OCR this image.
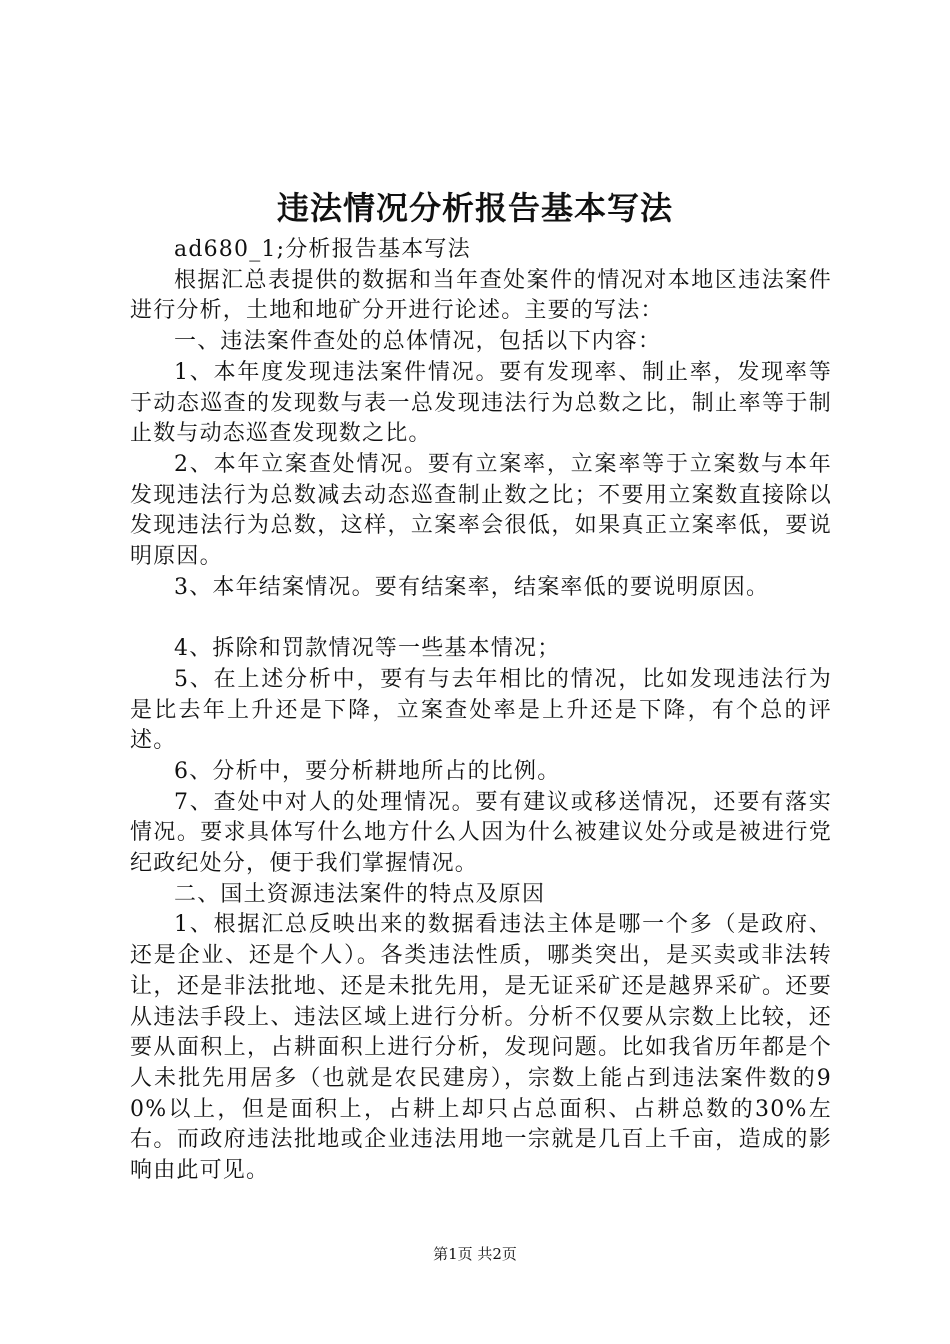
违法情况分析报告基本写法

ad680_1;分析报告基本写法

根据汇总表提供的数据和当年查处案件的情况对本地区违法案件进行分析，土地和地矿分开进行论述。主要的写法：

一、违法案件查处的总体情况，包括以下内容：

1、本年度发现违法案件情况。要有发现率、制止率，发现率等于动态巡查的发现数与表一总发现违法行为总数之比，制止率等于制止数与动态巡查发现数之比。

2、本年立案查处情况。要有立案率，立案率等于立案数与本年发现违法行为总数减去动态巡查制止数之比；不要用立案数直接除以发现违法行为总数，这样，立案率会很低，如果真正立案率低，要说明原因。

3、本年结案情况。要有结案率，结案率低的要说明原因。

4、拆除和罚款情况等一些基本情况；

5、在上述分析中，要有与去年相比的情况，比如发现违法行为是比去年上升还是下降，立案查处率是上升还是下降，有个总的评述。

6、分析中，要分析耕地所占的比例。

7、查处中对人的处理情况。要有建议或移送情况，还要有落实情况。要求具体写什么地方什么人因为什么被建议处分或是被进行党纪政纪处分，便于我们掌握情况。

二、国土资源违法案件的特点及原因

1、根据汇总反映出来的数据看违法主体是哪一个多（是政府、还是企业、还是个人）。各类违法性质，哪类突出，是买卖或非法转让，还是非法批地、还是未批先用，是无证采矿还是越界采矿。还要从违法手段上、违法区域上进行分析。分析不仅要从宗数上比较，还要从面积上，占耕面积上进行分析，发现问题。比如我省历年都是个人未批先用居多（也就是农民建房），宗数上能占到违法案件数的90%以上，但是面积上，占耕上却只占总面积、占耕总数的30%左右。而政府违法批地或企业违法用地一宗就是几百上千亩，造成的影响由此可见。

第1页 共2页
